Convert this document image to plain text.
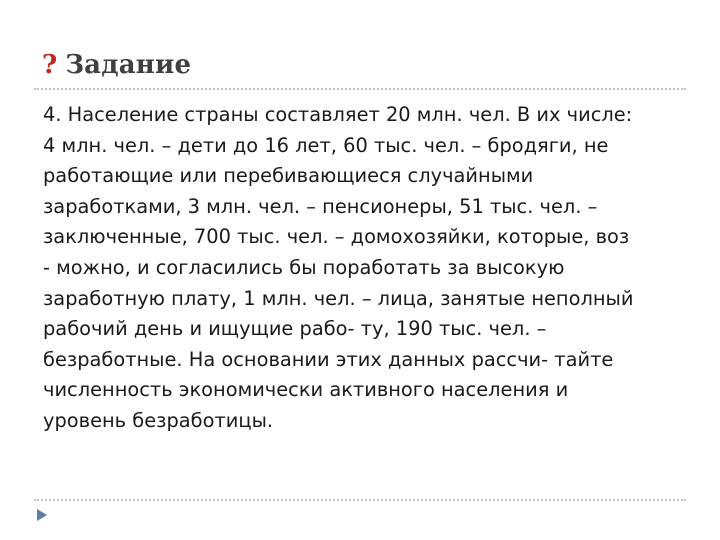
? Задание
4. Население страны составляет 20 млн. чел. В их числе:
4 млн. чел. – дети до 16 лет, 60 тыс. чел. – бродяги, не
работающие или перебивающиеся случайными
заработками, 3 млн. чел. – пенсионеры, 51 тыс. чел. –
заключенные, 700 тыс. чел. – домохозяйки, которые, воз
- можно, и согласились бы поработать за высокую
заработную плату, 1 млн. чел. – лица, занятые неполный
рабочий день и ищущие рабо- ту, 190 тыс. чел. –
безработные. На основании этих данных рассчи- тайте
численность экономически активного населения и
уровень безработицы.
